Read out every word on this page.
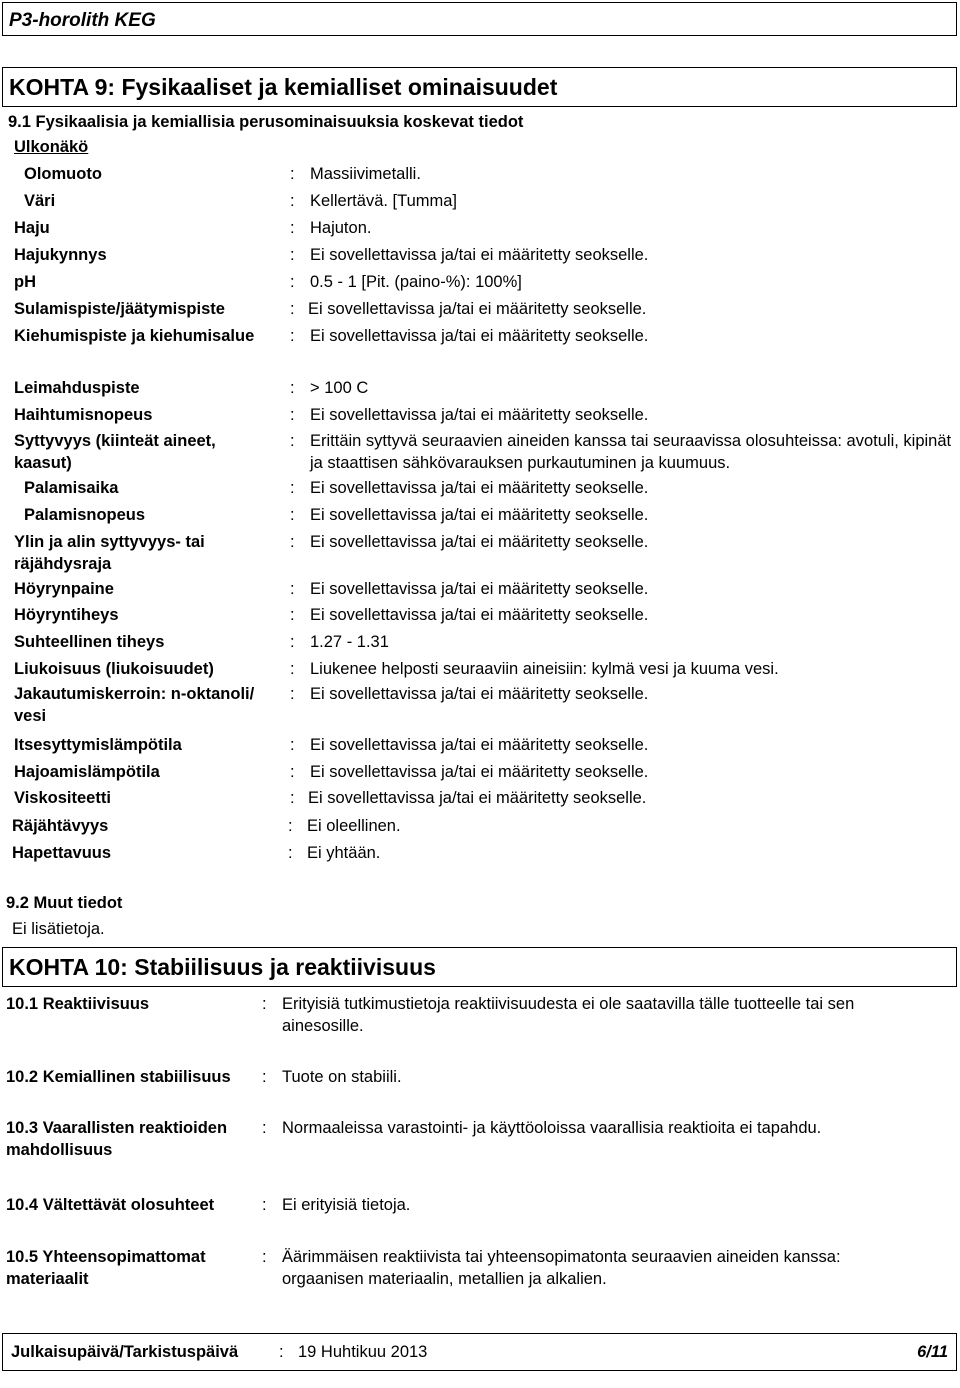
P3-horolith KEG
KOHTA 9: Fysikaaliset ja kemialliset ominaisuudet
9.1 Fysikaalisia ja kemiallisia perusominaisuuksia koskevat tiedot
Ulkonäkö
Olomuoto	: Massiivimetalli.
Väri	: Kellertävä. [Tumma]
Haju	: Hajuton.
Hajukynnys	: Ei sovellettavissa ja/tai ei määritetty seokselle.
pH	: 0.5 - 1 [Pit. (paino-%): 100%]
Sulamispiste/jäätymispiste	: Ei sovellettavissa ja/tai ei määritetty seokselle.
Kiehumispiste ja kiehumisalue	: Ei sovellettavissa ja/tai ei määritetty seokselle.
Leimahduspiste	: > 100 C
Haihtumisnopeus	: Ei sovellettavissa ja/tai ei määritetty seokselle.
Syttyvyys (kiinteät aineet, kaasut)
: Erittäin syttyvä seuraavien aineiden kanssa tai seuraavissa olosuhteissa: avotuli, kipinät ja staattisen sähkövarauksen purkautuminen ja kuumuus.
Palamisaika	: Ei sovellettavissa ja/tai ei määritetty seokselle.
Palamisnopeus	: Ei sovellettavissa ja/tai ei määritetty seokselle.
Ylin ja alin syttyvyys- tai räjähdysraja
: Ei sovellettavissa ja/tai ei määritetty seokselle.
Höyrynpaine	: Ei sovellettavissa ja/tai ei määritetty seokselle.
Höyryntiheys	: Ei sovellettavissa ja/tai ei määritetty seokselle.
Suhteellinen tiheys	: 1.27 - 1.31
Liukoisuus (liukoisuudet)	: Liukenee helposti seuraaviin aineisiin: kylmä vesi ja kuuma vesi.
Jakautumiskerroin: n-oktanoli/ vesi
: Ei sovellettavissa ja/tai ei määritetty seokselle.
Itsesyttymislämpötila	: Ei sovellettavissa ja/tai ei määritetty seokselle.
Hajoamislämpötila	: Ei sovellettavissa ja/tai ei määritetty seokselle.
Viskositeetti	: Ei sovellettavissa ja/tai ei määritetty seokselle.
Räjähtävyys	: Ei oleellinen.
Hapettavuus	: Ei yhtään.
9.2 Muut tiedot
Ei lisätietoja.
KOHTA 10: Stabiilisuus ja reaktiivisuus
10.1 Reaktiivisuus	: Erityisiä tutkimustietoja reaktiivisuudesta ei ole saatavilla tälle tuotteelle tai sen ainesosille.
10.2 Kemiallinen stabiilisuus	: Tuote on stabiili.
10.3 Vaarallisten reaktioiden mahdollisuus
: Normaaleissa varastointi- ja käyttöoloissa vaarallisia reaktioita ei tapahdu.
10.4 Vältettävät olosuhteet	: Ei erityisiä tietoja.
10.5 Yhteensopimattomat materiaalit
: Äärimmäisen reaktiivista tai yhteensopimatonta seuraavien aineiden kanssa: orgaanisen materiaalin, metallien ja alkalien.
Julkaisupäivä/Tarkistuspäivä : 19 Huhtikuu 2013	6/11
